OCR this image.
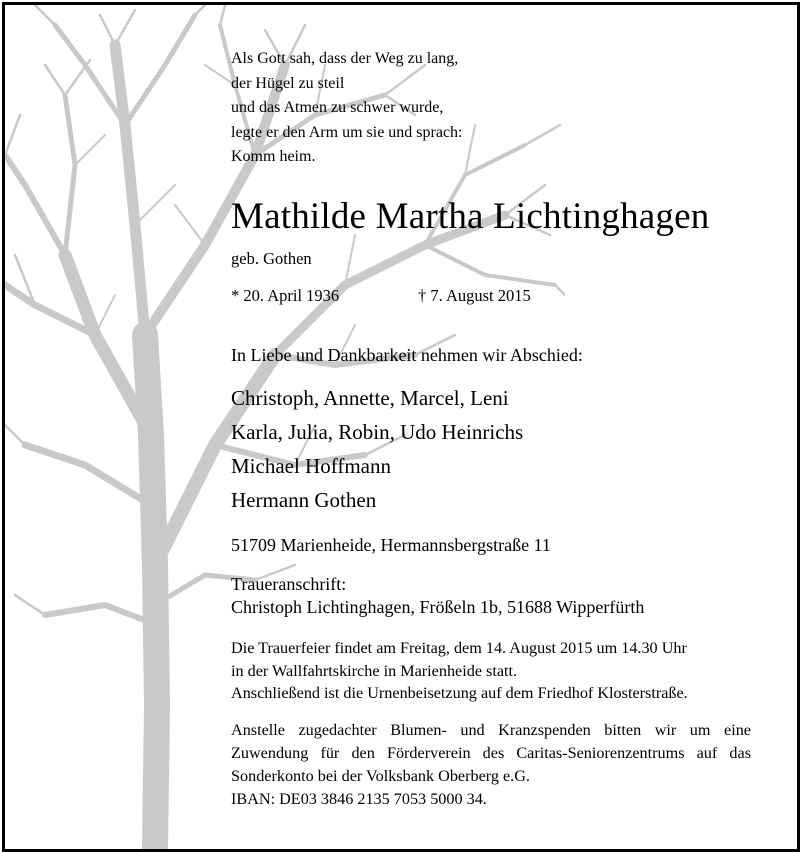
Als Gott sah, dass der Weg zu lang,
der Hügel zu steil
und das Atmen zu schwer wurde,
legte er den Arm um sie und sprach:
Komm heim.
Mathilde Martha Lichtinghagen
geb. Gothen
* 20. April 1936	† 7. August 2015
In Liebe und Dankbarkeit nehmen wir Abschied:
Christoph, Annette, Marcel, Leni
Karla, Julia, Robin, Udo Heinrichs
Michael Hoffmann
Hermann Gothen
51709 Marienheide, Hermannsbergstraße 11
Traueranschrift:
Christoph Lichtinghagen, Frößeln 1b, 51688 Wipperfürth
Die Trauerfeier findet am Freitag, dem 14. August 2015 um 14.30 Uhr
in der Wallfahrtskirche in Marienheide statt.
Anschließend ist die Urnenbeisetzung auf dem Friedhof Klosterstraße.
Anstelle zugedachter Blumen- und Kranzspenden bitten wir um eine
Zuwendung für den Förderverein des Caritas-Seniorenzentrums auf das
Sonderkonto bei der Volksbank Oberberg e.G.
IBAN: DE03 3846 2135 7053 5000 34.
